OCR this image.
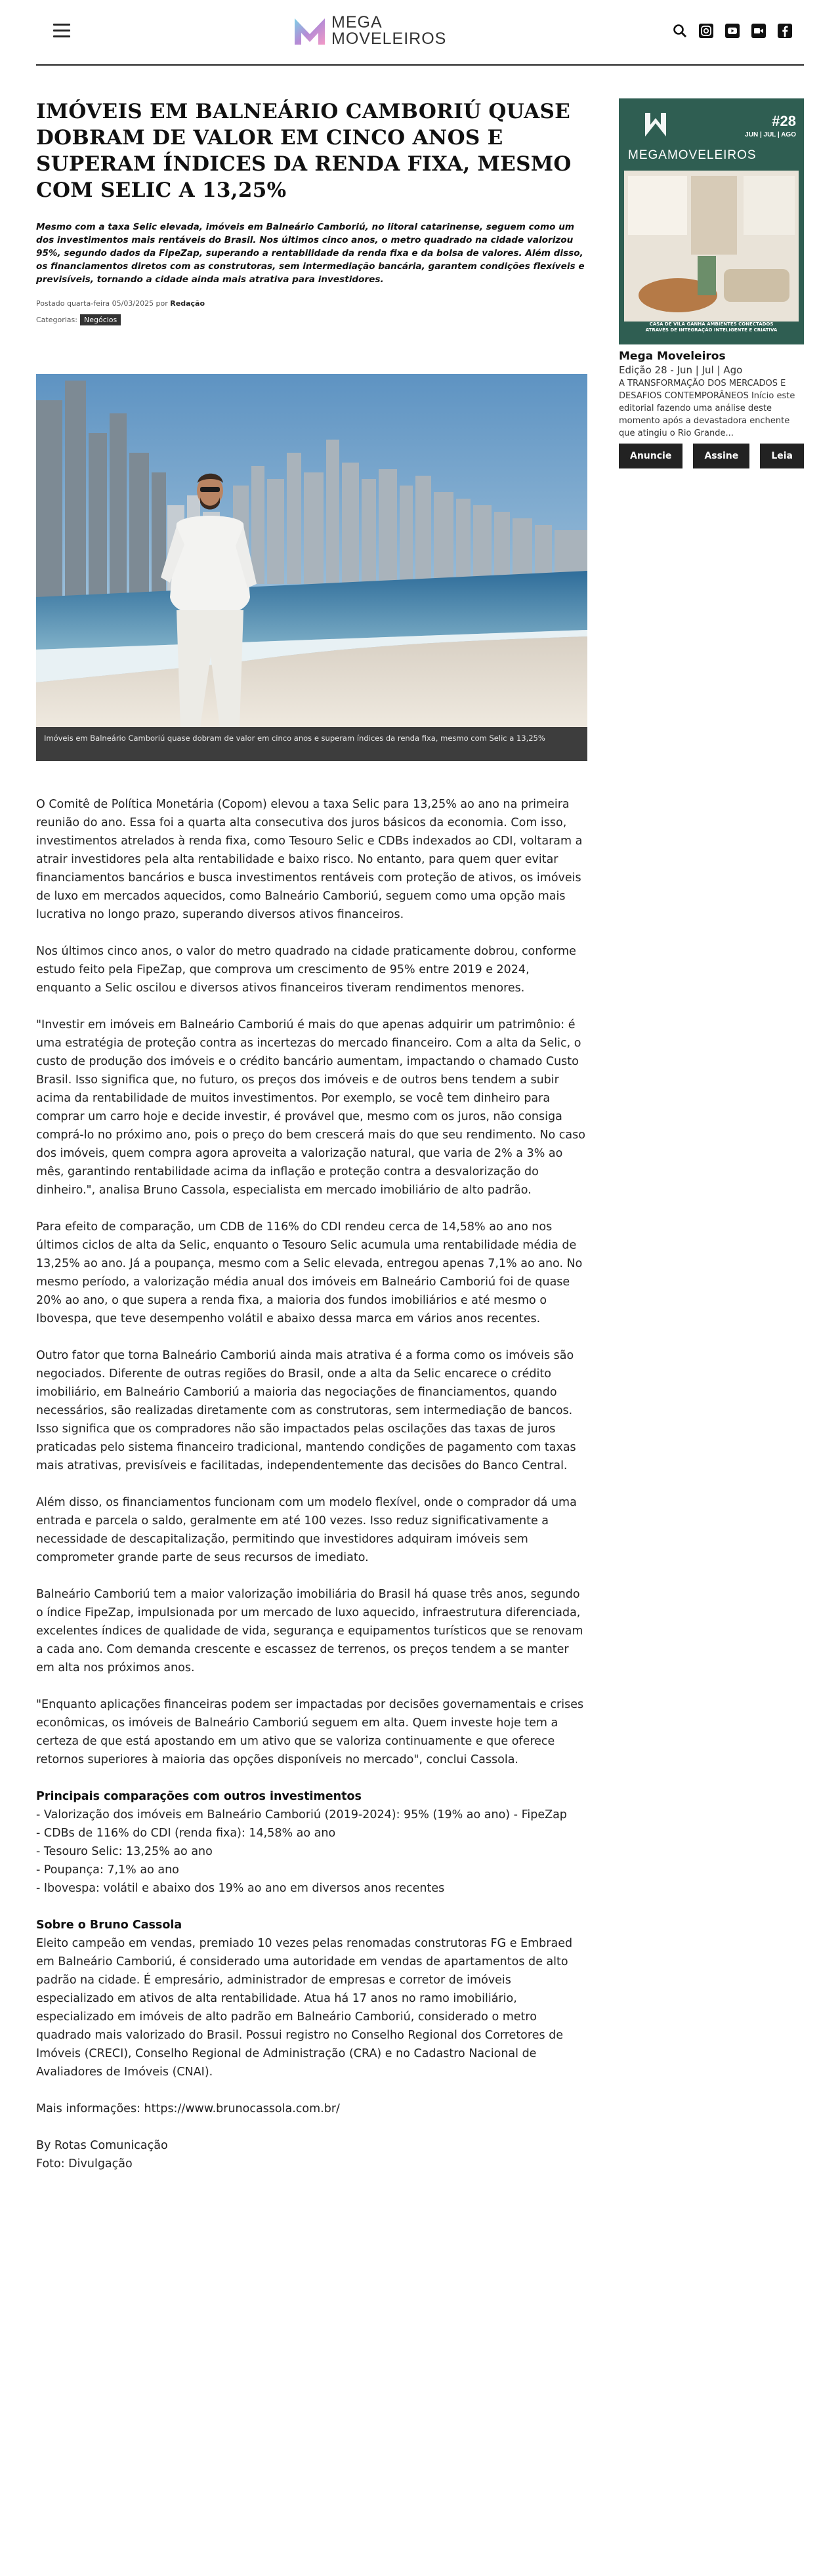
MEGA
MOVELEIROS
IMÓVEIS EM BALNEÁRIO CAMBORIÚ QUASE DOBRAM DE VALOR EM CINCO ANOS E SUPERAM ÍNDICES DA RENDA FIXA, MESMO COM SELIC A 13,25%

Mesmo com a taxa Selic elevada, imóveis em Balneário Camboriú, no litoral catarinense, seguem como um dos investimentos mais rentáveis do Brasil. Nos últimos cinco anos, o metro quadrado na cidade valorizou 95%, segundo dados da FipeZap, superando a rentabilidade da renda fixa e da bolsa de valores. Além disso, os financiamentos diretos com as construtoras, sem intermediação bancária, garantem condições flexíveis e previsíveis, tornando a cidade ainda mais atrativa para investidores.

Postado quarta-feira 05/03/2025 por Redação
Categorias: Negócios
Imóveis em Balneário Camboriú quase dobram de valor em cinco anos e superam índices da renda fixa, mesmo com Selic a 13,25%

O Comitê de Política Monetária (Copom) elevou a taxa Selic para 13,25% ao ano na primeira reunião do ano. Essa foi a quarta alta consecutiva dos juros básicos da economia. Com isso, investimentos atrelados à renda fixa, como Tesouro Selic e CDBs indexados ao CDI, voltaram a atrair investidores pela alta rentabilidade e baixo risco. No entanto, para quem quer evitar financiamentos bancários e busca investimentos rentáveis com proteção de ativos, os imóveis de luxo em mercados aquecidos, como Balneário Camboriú, seguem como uma opção mais lucrativa no longo prazo, superando diversos ativos financeiros.

Nos últimos cinco anos, o valor do metro quadrado na cidade praticamente dobrou, conforme estudo feito pela FipeZap, que comprova um crescimento de 95% entre 2019 e 2024, enquanto a Selic oscilou e diversos ativos financeiros tiveram rendimentos menores.

"Investir em imóveis em Balneário Camboriú é mais do que apenas adquirir um patrimônio: é uma estratégia de proteção contra as incertezas do mercado financeiro. Com a alta da Selic, o custo de produção dos imóveis e o crédito bancário aumentam, impactando o chamado Custo Brasil. Isso significa que, no futuro, os preços dos imóveis e de outros bens tendem a subir acima da rentabilidade de muitos investimentos. Por exemplo, se você tem dinheiro para comprar um carro hoje e decide investir, é provável que, mesmo com os juros, não consiga comprá-lo no próximo ano, pois o preço do bem crescerá mais do que seu rendimento. No caso dos imóveis, quem compra agora aproveita a valorização natural, que varia de 2% a 3% ao mês, garantindo rentabilidade acima da inflação e proteção contra a desvalorização do dinheiro.", analisa Bruno Cassola, especialista em mercado imobiliário de alto padrão.

Para efeito de comparação, um CDB de 116% do CDI rendeu cerca de 14,58% ao ano nos últimos ciclos de alta da Selic, enquanto o Tesouro Selic acumula uma rentabilidade média de 13,25% ao ano. Já a poupança, mesmo com a Selic elevada, entregou apenas 7,1% ao ano. No mesmo período, a valorização média anual dos imóveis em Balneário Camboriú foi de quase 20% ao ano, o que supera a renda fixa, a maioria dos fundos imobiliários e até mesmo o Ibovespa, que teve desempenho volátil e abaixo dessa marca em vários anos recentes.

Outro fator que torna Balneário Camboriú ainda mais atrativa é a forma como os imóveis são negociados. Diferente de outras regiões do Brasil, onde a alta da Selic encarece o crédito imobiliário, em Balneário Camboriú a maioria das negociações de financiamentos, quando necessários, são realizadas diretamente com as construtoras, sem intermediação de bancos. Isso significa que os compradores não são impactados pelas oscilações das taxas de juros praticadas pelo sistema financeiro tradicional, mantendo condições de pagamento com taxas mais atrativas, previsíveis e facilitadas, independentemente das decisões do Banco Central.

Além disso, os financiamentos funcionam com um modelo flexível, onde o comprador dá uma entrada e parcela o saldo, geralmente em até 100 vezes. Isso reduz significativamente a necessidade de descapitalização, permitindo que investidores adquiram imóveis sem comprometer grande parte de seus recursos de imediato.

Balneário Camboriú tem a maior valorização imobiliária do Brasil há quase três anos, segundo o índice FipeZap, impulsionada por um mercado de luxo aquecido, infraestrutura diferenciada, excelentes índices de qualidade de vida, segurança e equipamentos turísticos que se renovam a cada ano. Com demanda crescente e escassez de terrenos, os preços tendem a se manter em alta nos próximos anos.

"Enquanto aplicações financeiras podem ser impactadas por decisões governamentais e crises econômicas, os imóveis de Balneário Camboriú seguem em alta. Quem investe hoje tem a certeza de que está apostando em um ativo que se valoriza continuamente e que oferece retornos superiores à maioria das opções disponíveis no mercado", conclui Cassola.

Principais comparações com outros investimentos

- Valorização dos imóveis em Balneário Camboriú (2019-2024): 95% (19% ao ano) - FipeZap

- CDBs de 116% do CDI (renda fixa): 14,58% ao ano

- Tesouro Selic: 13,25% ao ano

- Poupança: 7,1% ao ano

- Ibovespa: volátil e abaixo dos 19% ao ano em diversos anos recentes

Sobre o Bruno Cassola

Eleito campeão em vendas, premiado 10 vezes pelas renomadas construtoras FG e Embraed em Balneário Camboriú, é considerado uma autoridade em vendas de apartamentos de alto padrão na cidade. É empresário, administrador de empresas e corretor de imóveis especializado em ativos de alta rentabilidade. Atua há 17 anos no ramo imobiliário, especializado em imóveis de alto padrão em Balneário Camboriú, considerado o metro quadrado mais valorizado do Brasil. Possui registro no Conselho Regional dos Corretores de Imóveis (CRECI), Conselho Regional de Administração (CRA) e no Cadastro Nacional de Avaliadores de Imóveis (CNAI).

Mais informações: https://www.brunocassola.com.br/

By Rotas Comunicação

Foto: Divulgação

MEGAMOVELEIROS
#28
JUN | JUL | AGO
CASA DE VILA GANHA AMBIENTES CONECTADOS ATRAVÉS DE INTEGRAÇÃO INTELIGENTE E CRIATIVA
Mega Moveleiros
Edição 28 - Jun | Jul | Ago
A TRANSFORMAÇÃO DOS MERCADOS E DESAFIOS CONTEMPORÂNEOS Início este editorial fazendo uma análise deste momento após a devastadora enchente que atingiu o Rio Grande...
Anuncie	Assine	Leia
